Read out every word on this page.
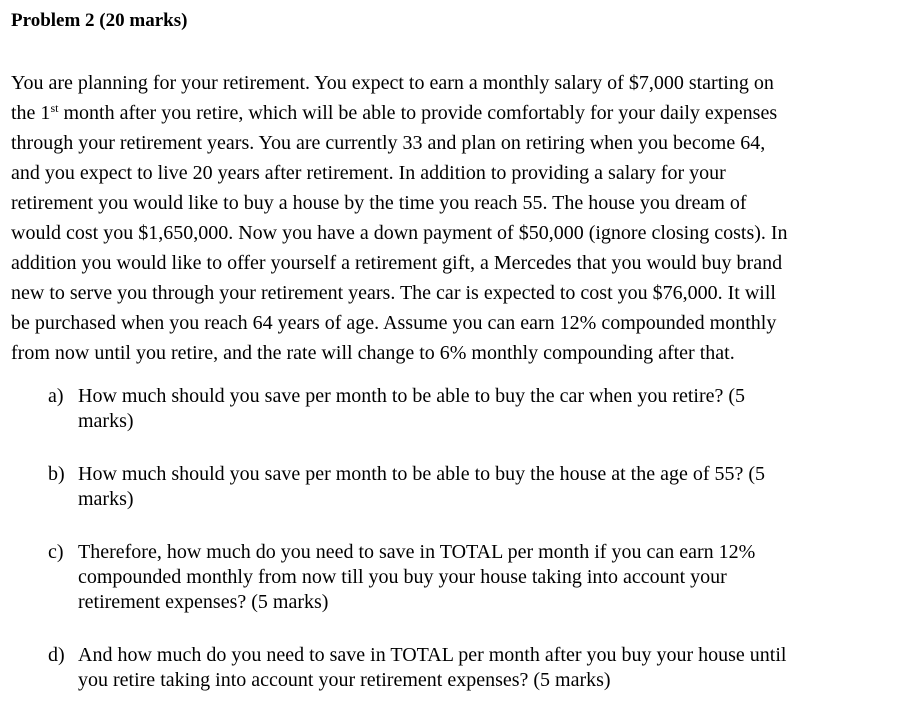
Problem 2 (20 marks)
You are planning for your retirement. You expect to earn a monthly salary of $7,000 starting on
the 1st month after you retire, which will be able to provide comfortably for your daily expenses
through your retirement years. You are currently 33 and plan on retiring when you become 64,
and you expect to live 20 years after retirement. In addition to providing a salary for your
retirement you would like to buy a house by the time you reach 55. The house you dream of
would cost you $1,650,000. Now you have a down payment of $50,000 (ignore closing costs). In
addition you would like to offer yourself a retirement gift, a Mercedes that you would buy brand
new to serve you through your retirement years. The car is expected to cost you $76,000. It will
be purchased when you reach 64 years of age. Assume you can earn 12% compounded monthly
from now until you retire, and the rate will change to 6% monthly compounding after that.
a) How much should you save per month to be able to buy the car when you retire? (5
marks)
b) How much should you save per month to be able to buy the house at the age of 55? (5
marks)
c) Therefore, how much do you need to save in TOTAL per month if you can earn 12%
compounded monthly from now till you buy your house taking into account your
retirement expenses? (5 marks)
d) And how much do you need to save in TOTAL per month after you buy your house until
you retire taking into account your retirement expenses? (5 marks)
